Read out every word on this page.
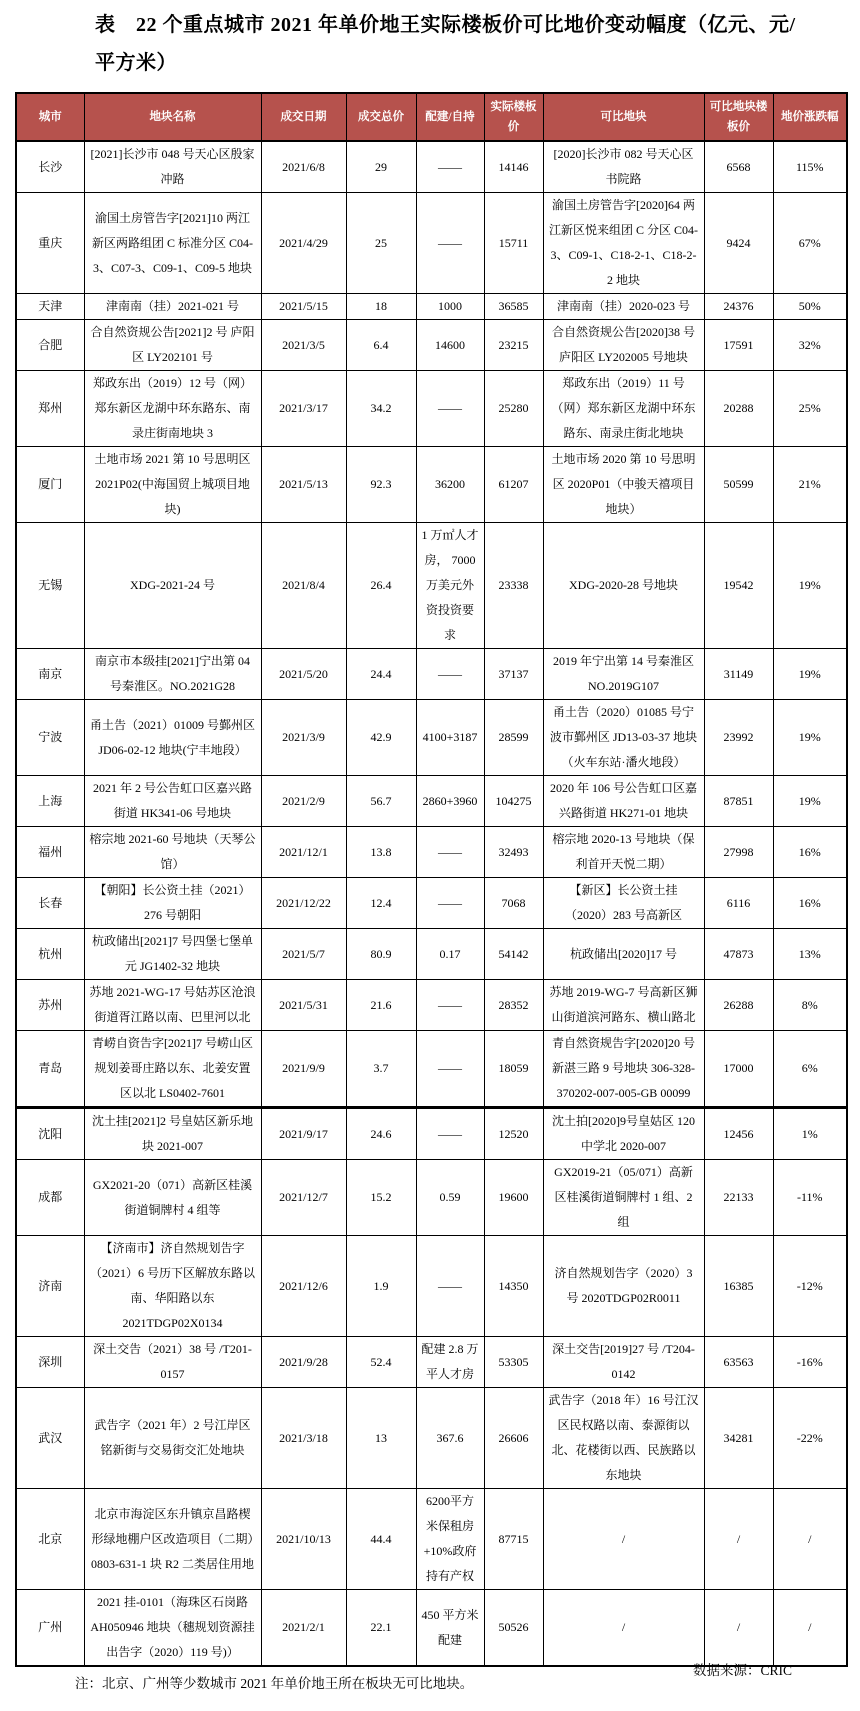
表　22 个重点城市 2021 年单价地王实际楼板价可比地价变动幅度（亿元、元/
平方米）
城市	地块名称	成交日期	成交总价	配建/自持	实际楼板价	可比地块	可比地块楼板价	地价涨跌幅
长沙	[2021]长沙市 048 号天心区殷家冲路	2021/6/8	29	——	14146	[2020]长沙市 082 号天心区书院路	6568	115%
重庆	渝国土房管告字[2021]10 两江新区两路组团 C 标准分区 C04-3、C07-3、C09-1、C09-5 地块	2021/4/29	25	——	15711	渝国土房管告字[2020]64 两江新区悦来组团 C 分区 C04-3、C09-1、C18-2-1、C18-2-2 地块	9424	67%
天津	津南南（挂）2021-021 号	2021/5/15	18	1000	36585	津南南（挂）2020-023 号	24376	50%
合肥	合自然资规公告[2021]2 号 庐阳区 LY202101 号	2021/3/5	6.4	14600	23215	合自然资规公告[2020]38 号 庐阳区 LY202005 号地块	17591	32%
郑州	郑政东出（2019）12 号（网）郑东新区龙湖中环东路东、南录庄街南地块 3	2021/3/17	34.2	——	25280	郑政东出（2019）11 号（网）郑东新区龙湖中环东路东、南录庄街北地块	20288	25%
厦门	土地市场 2021 第 10 号思明区 2021P02(中海国贸上城项目地块)	2021/5/13	92.3	36200	61207	土地市场 2020 第 10 号思明区 2020P01（中骏天禧项目地块）	50599	21%
无锡	XDG-2021-24 号	2021/8/4	26.4	1 万㎡人才房， 7000 万美元外资投资要求	23338	XDG-2020-28 号地块	19542	19%
南京	南京市本级挂[2021]宁出第 04 号秦淮区。NO.2021G28	2021/5/20	24.4	——	37137	2019 年宁出第 14 号秦淮区 NO.2019G107	31149	19%
宁波	甬土告（2021）01009 号鄞州区 JD06-02-12 地块(宁丰地段）	2021/3/9	42.9	4100+3187	28599	甬土告（2020）01085 号宁波市鄞州区 JD13-03-37 地块（火车东站·潘火地段）	23992	19%
上海	2021 年 2 号公告虹口区嘉兴路街道 HK341-06 号地块	2021/2/9	56.7	2860+3960	104275	2020 年 106 号公告虹口区嘉兴路街道 HK271-01 地块	87851	19%
福州	榕宗地 2021-60 号地块（天琴公馆）	2021/12/1	13.8	——	32493	榕宗地 2020-13 号地块（保利首开天悦二期）	27998	16%
长春	【朝阳】长公资土挂（2021）276 号朝阳	2021/12/22	12.4	——	7068	【新区】长公资土挂（2020）283 号高新区	6116	16%
杭州	杭政储出[2021]7 号四堡七堡单元 JG1402-32 地块	2021/5/7	80.9	0.17	54142	杭政储出[2020]17 号	47873	13%
苏州	苏地 2021-WG-17 号姑苏区沧浪街道胥江路以南、巴里河以北	2021/5/31	21.6	——	28352	苏地 2019-WG-7 号高新区狮山街道滨河路东、横山路北	26288	8%
青岛	青崂自资告字[2021]7 号崂山区规划姜哥庄路以东、北姜安置区以北 LS0402-7601	2021/9/9	3.7	——	18059	青自然资规告字[2020]20 号 新湛三路 9 号地块 306-328-370202-007-005-GB 00099	17000	6%
沈阳	沈土挂[2021]2 号皇姑区新乐地块 2021-007	2021/9/17	24.6	——	12520	沈土拍[2020]9号皇姑区 120 中学北 2020-007	12456	1%
成都	GX2021-20（071）高新区桂溪街道铜牌村 4 组等	2021/12/7	15.2	0.59	19600	GX2019-21（05/071）高新区桂溪街道铜牌村 1 组、2 组	22133	-11%
济南	【济南市】济自然规划告字（2021）6 号历下区解放东路以南、华阳路以东 2021TDGP02X0134	2021/12/6	1.9	——	14350	济自然规划告字（2020）3 号 2020TDGP02R0011	16385	-12%
深圳	深土交告（2021）38 号 /T201-0157	2021/9/28	52.4	配建 2.8 万平人才房	53305	深土交告[2019]27 号 /T204-0142	63563	-16%
武汉	武告字（2021 年）2 号江岸区铭新街与交易街交汇处地块	2021/3/18	13	367.6	26606	武告字（2018 年）16 号江汉区民权路以南、泰源街以北、花楼街以西、民族路以东地块	34281	-22%
北京	北京市海淀区东升镇京昌路楔形绿地棚户区改造项目（二期）0803-631-1 块 R2 二类居住用地	2021/10/13	44.4	6200平方米保租房+10%政府持有产权	87715	/	/	/
广州	2021 挂-0101（海珠区石岗路 AH050946 地块（穗规划资源挂出告字（2020）119 号)）	2021/2/1	22.1	450 平方米配建	50526	/	/	/
注：北京、广州等少数城市 2021 年单价地王所在板块无可比地块。
数据来源：CRIC
